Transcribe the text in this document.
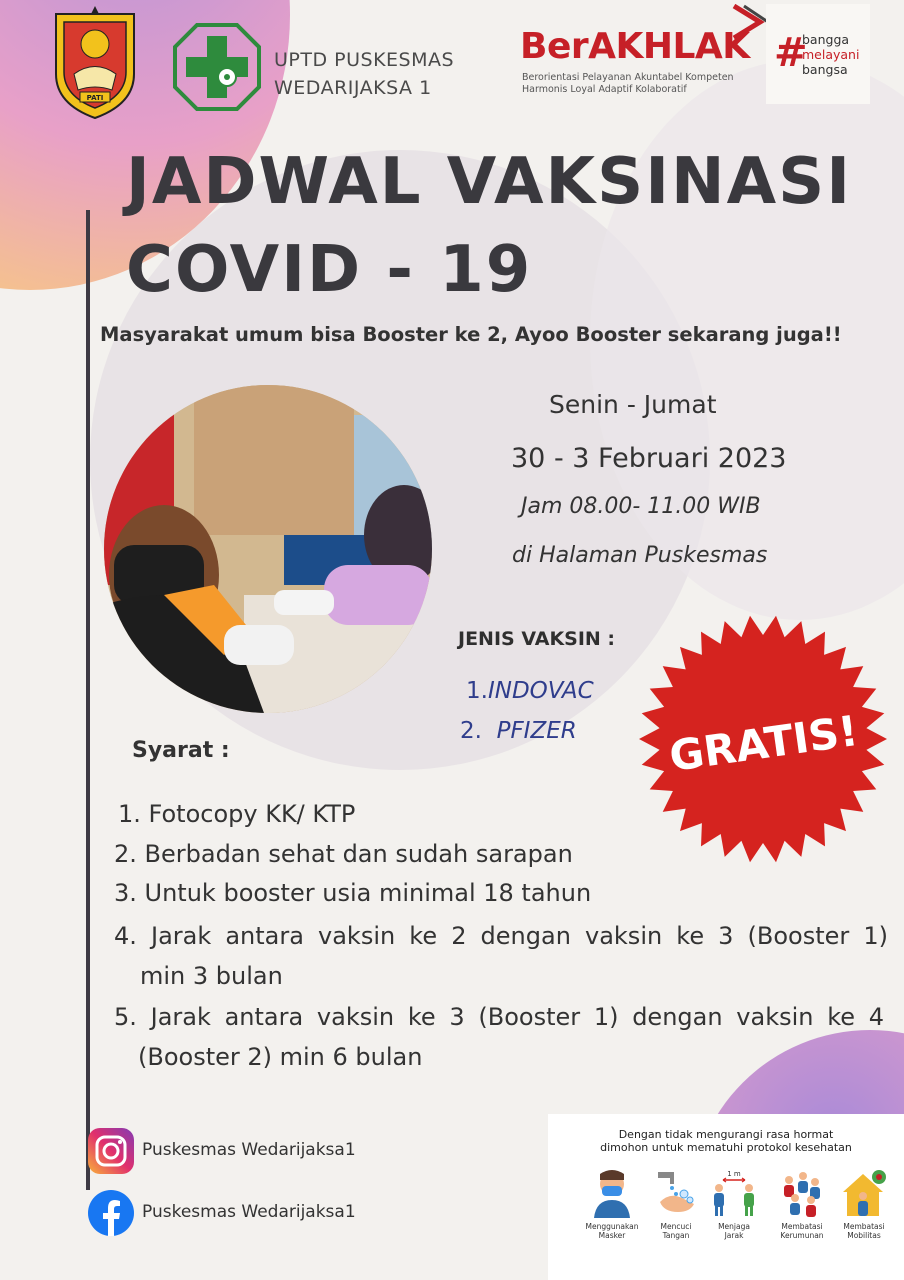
PATI
UPTD PUSKESMAS
WEDARIJAKSA 1
BerAKHLAK
Berorientasi Pelayanan Akuntabel Kompeten
Harmonis Loyal Adaptif Kolaboratif
#
bangga
melayani
bangsa
JADWAL VAKSINASI
COVID - 19
Masyarakat umum bisa Booster ke 2, Ayoo Booster sekarang juga!!
Senin - Jumat
30 - 3 Februari 2023
Jam 08.00- 11.00 WIB
di Halaman Puskesmas
JENIS VAKSIN :
1.INDOVAC
2. PFIZER GRATIS!
Syarat :
1. Fotocopy KK/ KTP
2. Berbadan sehat dan sudah sarapan
3. Untuk booster usia minimal 18 tahun
4. Jarak antara vaksin ke 2 dengan vaksin ke 3 (Booster 1)
min 3 bulan
5. Jarak antara vaksin ke 3 (Booster 1) dengan vaksin ke 4
(Booster 2) min 6 bulan
Puskesmas Wedarijaksa1
Puskesmas Wedarijaksa1
Dengan tidak mengurangi rasa hormat
dimohon untuk mematuhi protokol kesehatan
Menggunakan
Masker
Mencuci
Tangan
1 m
Menjaga
Jarak
Membatasi
Kerumunan
Membatasi
Mobilitas
